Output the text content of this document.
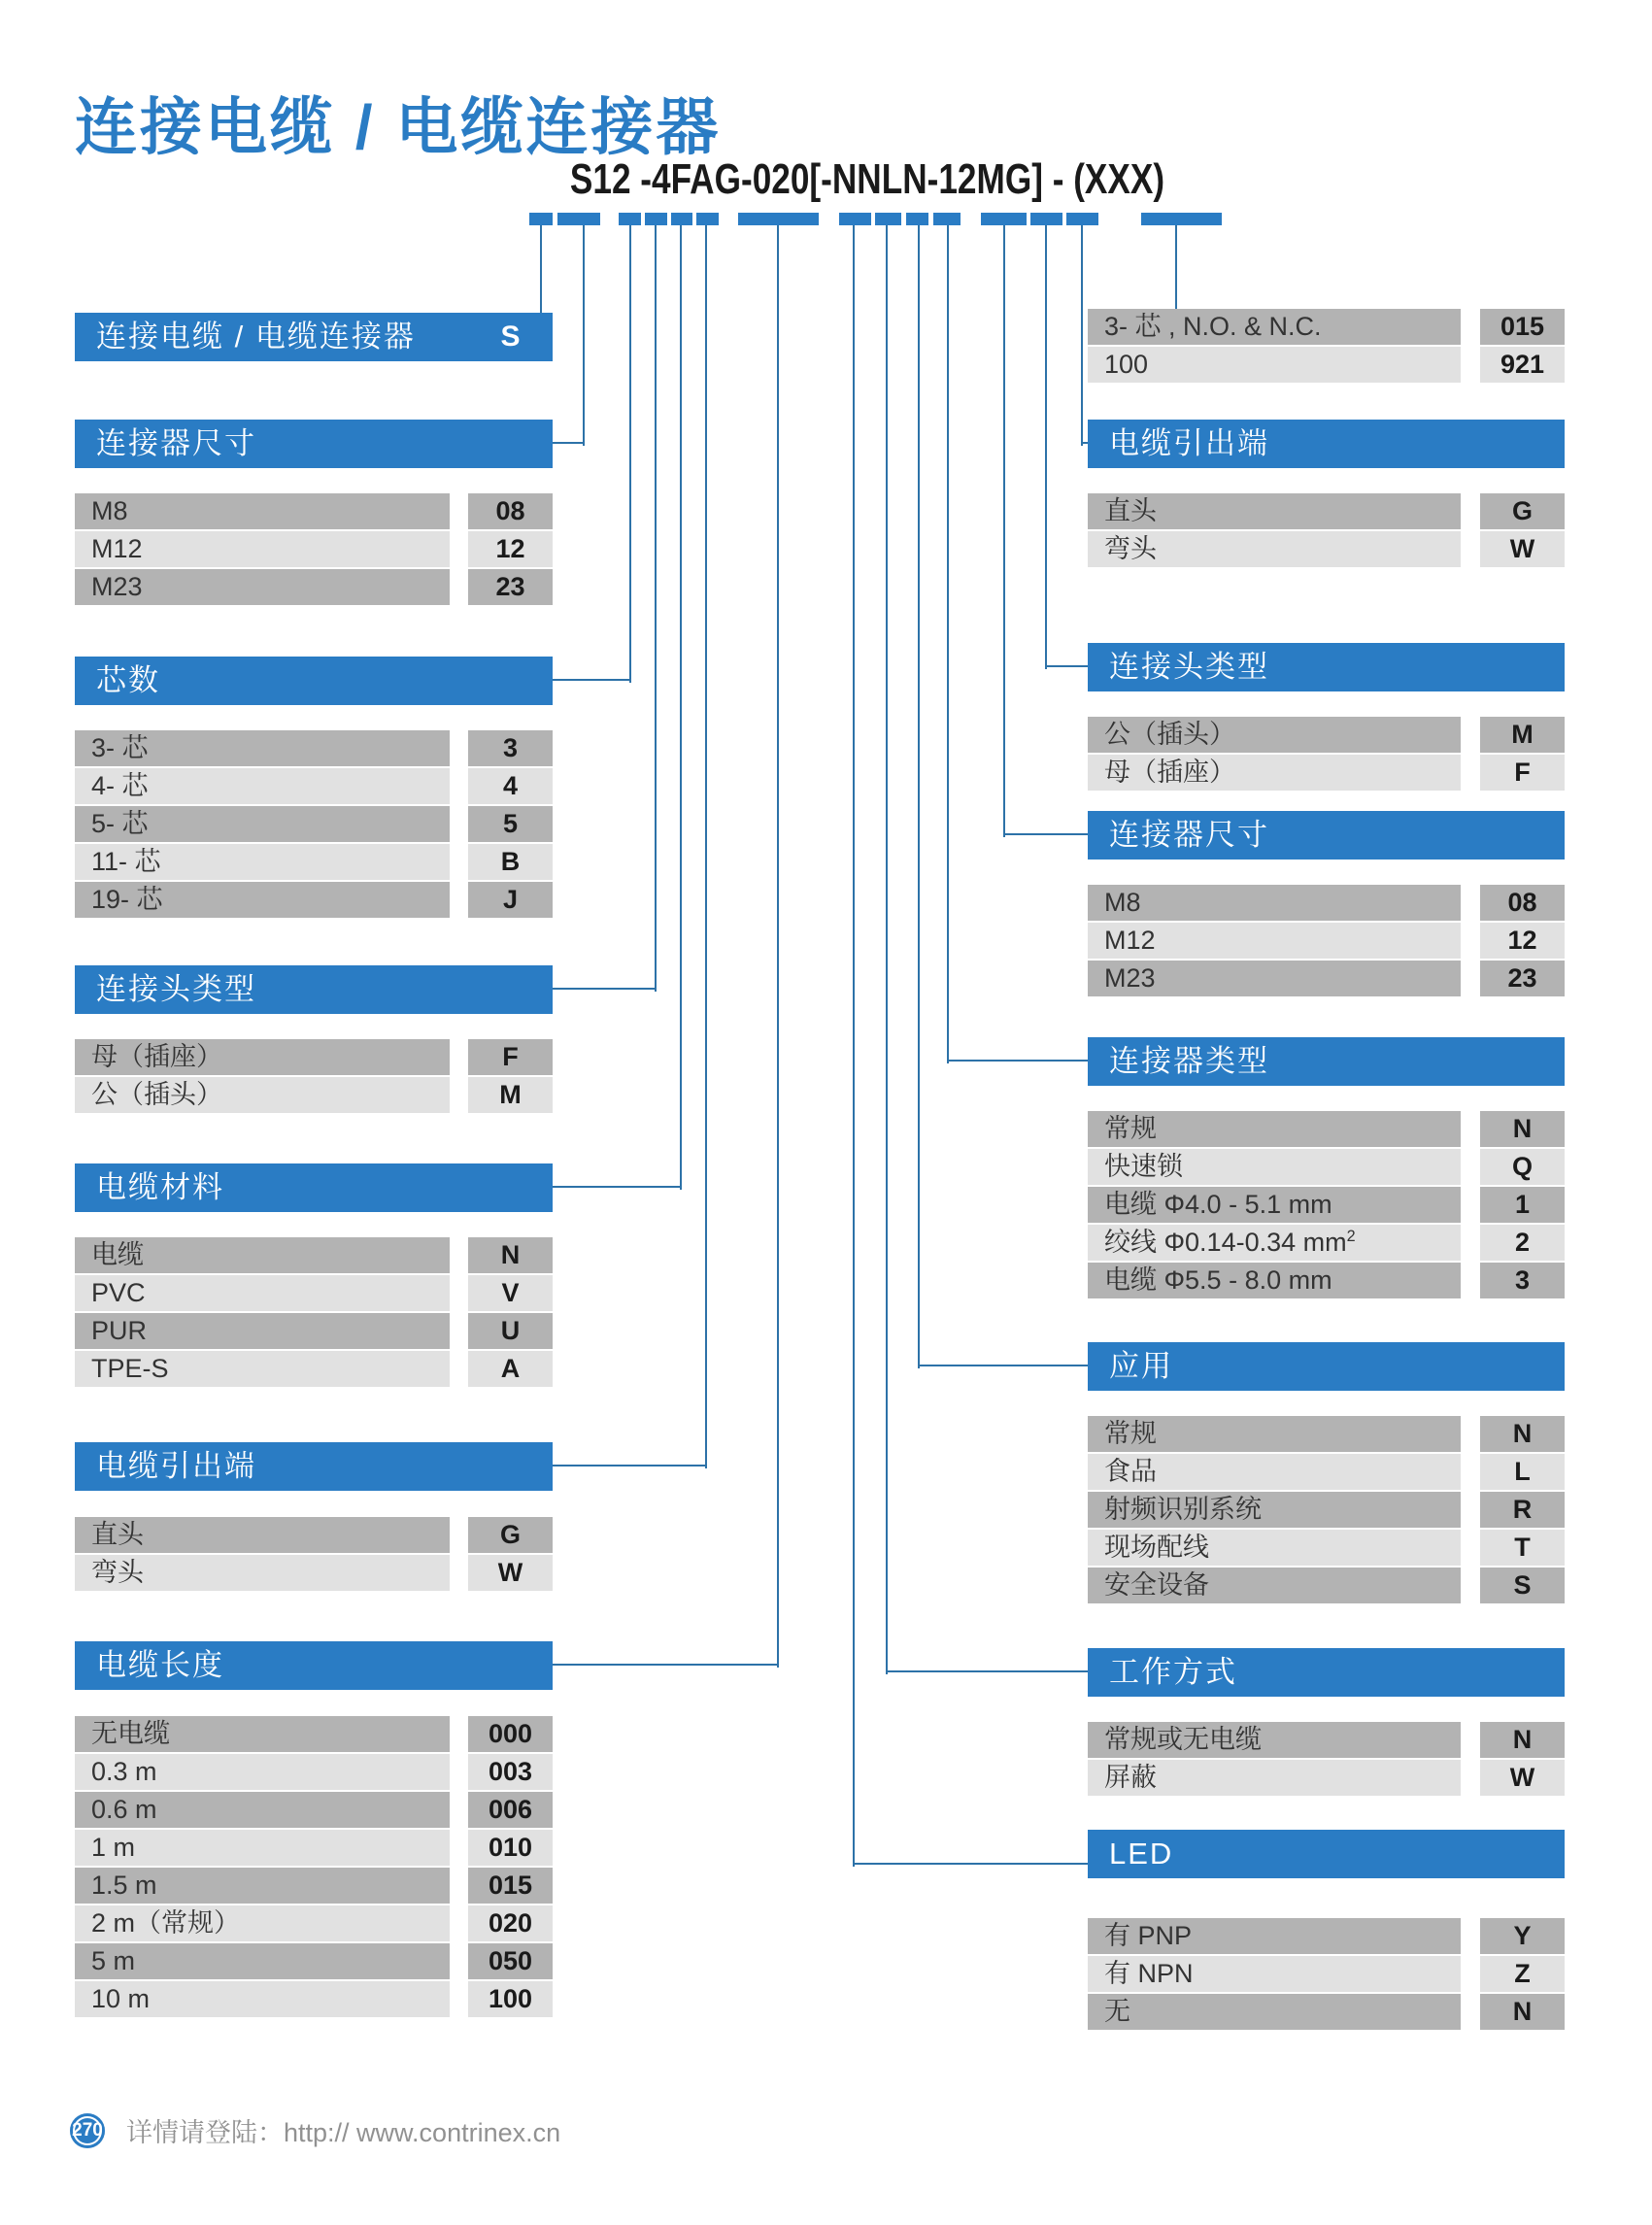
连接电缆 / 电缆连接器
S12 -4FAG-020[-NNLN-12MG] - (XXX)
连接电缆 / 电缆连接器	S
连接器尺寸
M8	08
M12	12
M23	23
芯数
3- 芯	3
4- 芯	4
5- 芯	5
11- 芯	B
19- 芯	J
连接头类型
母（插座）	F
公（插头）	M
电缆材料
电缆	N
PVC	V
PUR	U
TPE-S	A
电缆引出端
直头	G
弯头	W
电缆长度
无电缆	000
0.3 m	003
0.6 m	006
1 m	010
1.5 m	015
2 m（常规）	020
5 m	050
10 m	100
3- 芯 , N.O. & N.C.	015
100	921
电缆引出端
直头	G
弯头	W
连接头类型
公（插头）	M
母（插座）	F
连接器尺寸
M8	08
M12	12
M23	23
连接器类型
常规	N
快速锁	Q
电缆 Φ4.0 - 5.1 mm	1
绞线 Φ0.14-0.34 $mm^2$	2
电缆 Φ5.5 - 8.0 mm	3
应用
常规	N
食品	L
射频识别系统	R
现场配线	T
安全设备	S
工作方式
常规或无电缆	N
屏蔽	W
LED
有 PNP	Y
有 NPN	Z
无	N
270 详情请登陆：http:// www.contrinex.cn
